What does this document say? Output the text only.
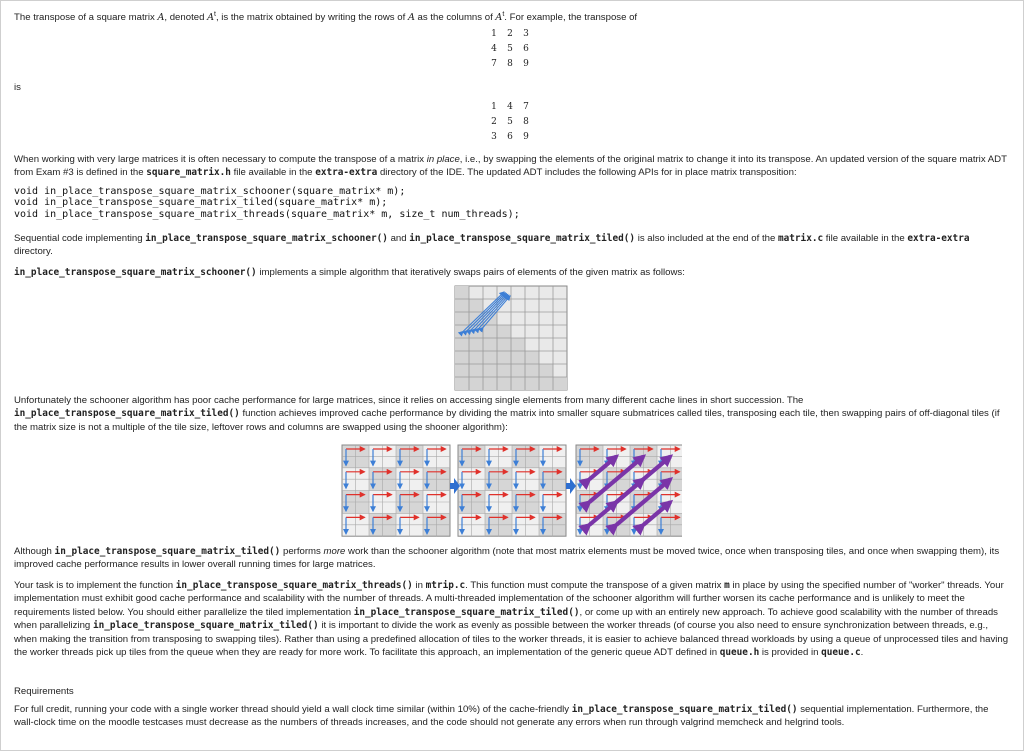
The transpose of a square matrix A, denoted $A^t$, is the matrix obtained by writing the rows of A as the columns of $A^t$. For example, the transpose of

1	2	3
4	5	6
7	8	9

is

1	4	7
2	5	8
3	6	9

When working with very large matrices it is often necessary to compute the transpose of a matrix in place, i.e., by swapping the elements of the original matrix to change it into its transpose. An updated version of the square matrix ADT from Exam #3 is defined in the square_matrix.h file available in the extra-extra directory of the IDE. The updated ADT includes the following APIs for in place matrix transposition:

void in_place_transpose_square_matrix_schooner(square_matrix* m);
void in_place_transpose_square_matrix_tiled(square_matrix* m);
void in_place_transpose_square_matrix_threads(square_matrix* m, size_t num_threads);

Sequential code implementing in_place_transpose_square_matrix_schooner() and in_place_transpose_square_matrix_tiled() is also included at the end of the matrix.c file available in the extra-extra directory.

in_place_transpose_square_matrix_schooner() implements a simple algorithm that iteratively swaps pairs of elements of the given matrix as follows:

Unfortunately the schooner algorithm has poor cache performance for large matrices, since it relies on accessing single elements from many different cache lines in short succession. The in_place_transpose_square_matrix_tiled() function achieves improved cache performance by dividing the matrix into smaller square submatrices called tiles, transposing each tile, then swapping pairs of off-diagonal tiles (if the matrix size is not a multiple of the tile size, leftover rows and columns are swapped using the shooner algorithm):

Although in_place_transpose_square_matrix_tiled() performs more work than the schooner algorithm (note that most matrix elements must be moved twice, once when transposing tiles, and once when swapping them), its improved cache performance results in lower overall running times for large matrices.

Your task is to implement the function in_place_transpose_square_matrix_threads() in mtrip.c. This function must compute the transpose of a given matrix m in place by using the specified number of "worker" threads. Your implementation must exhibit good cache performance and scalability with the number of threads. A multi-threaded implementation of the schooner algorithm will further worsen its cache performance and is unlikely to meet the requirements listed below. You should either parallelize the tiled implementation in_place_transpose_square_matrix_tiled(), or come up with an entirely new approach. To achieve good scalability with the number of threads when parallelizing in_place_transpose_square_matrix_tiled() it is important to divide the work as evenly as possible between the worker threads (of course you also need to ensure synchronization between threads, e.g., when making the transition from transposing to swapping tiles). Rather than using a predefined allocation of tiles to the worker threads, it is easier to achieve balanced thread workloads by using a queue of unprocessed tiles and having the worker threads pick up tiles from the queue when they are ready for more work. To facilitate this approach, an implementation of the generic queue ADT defined in queue.h is provided in queue.c.

Requirements

For full credit, running your code with a single worker thread should yield a wall clock time similar (within 10%) of the cache-friendly in_place_transpose_square_matrix_tiled() sequential implementation. Furthermore, the wall-clock time on the moodle testcases must decrease as the numbers of threads increases, and the code should not generate any errors when run through valgrind memcheck and helgrind tools.
